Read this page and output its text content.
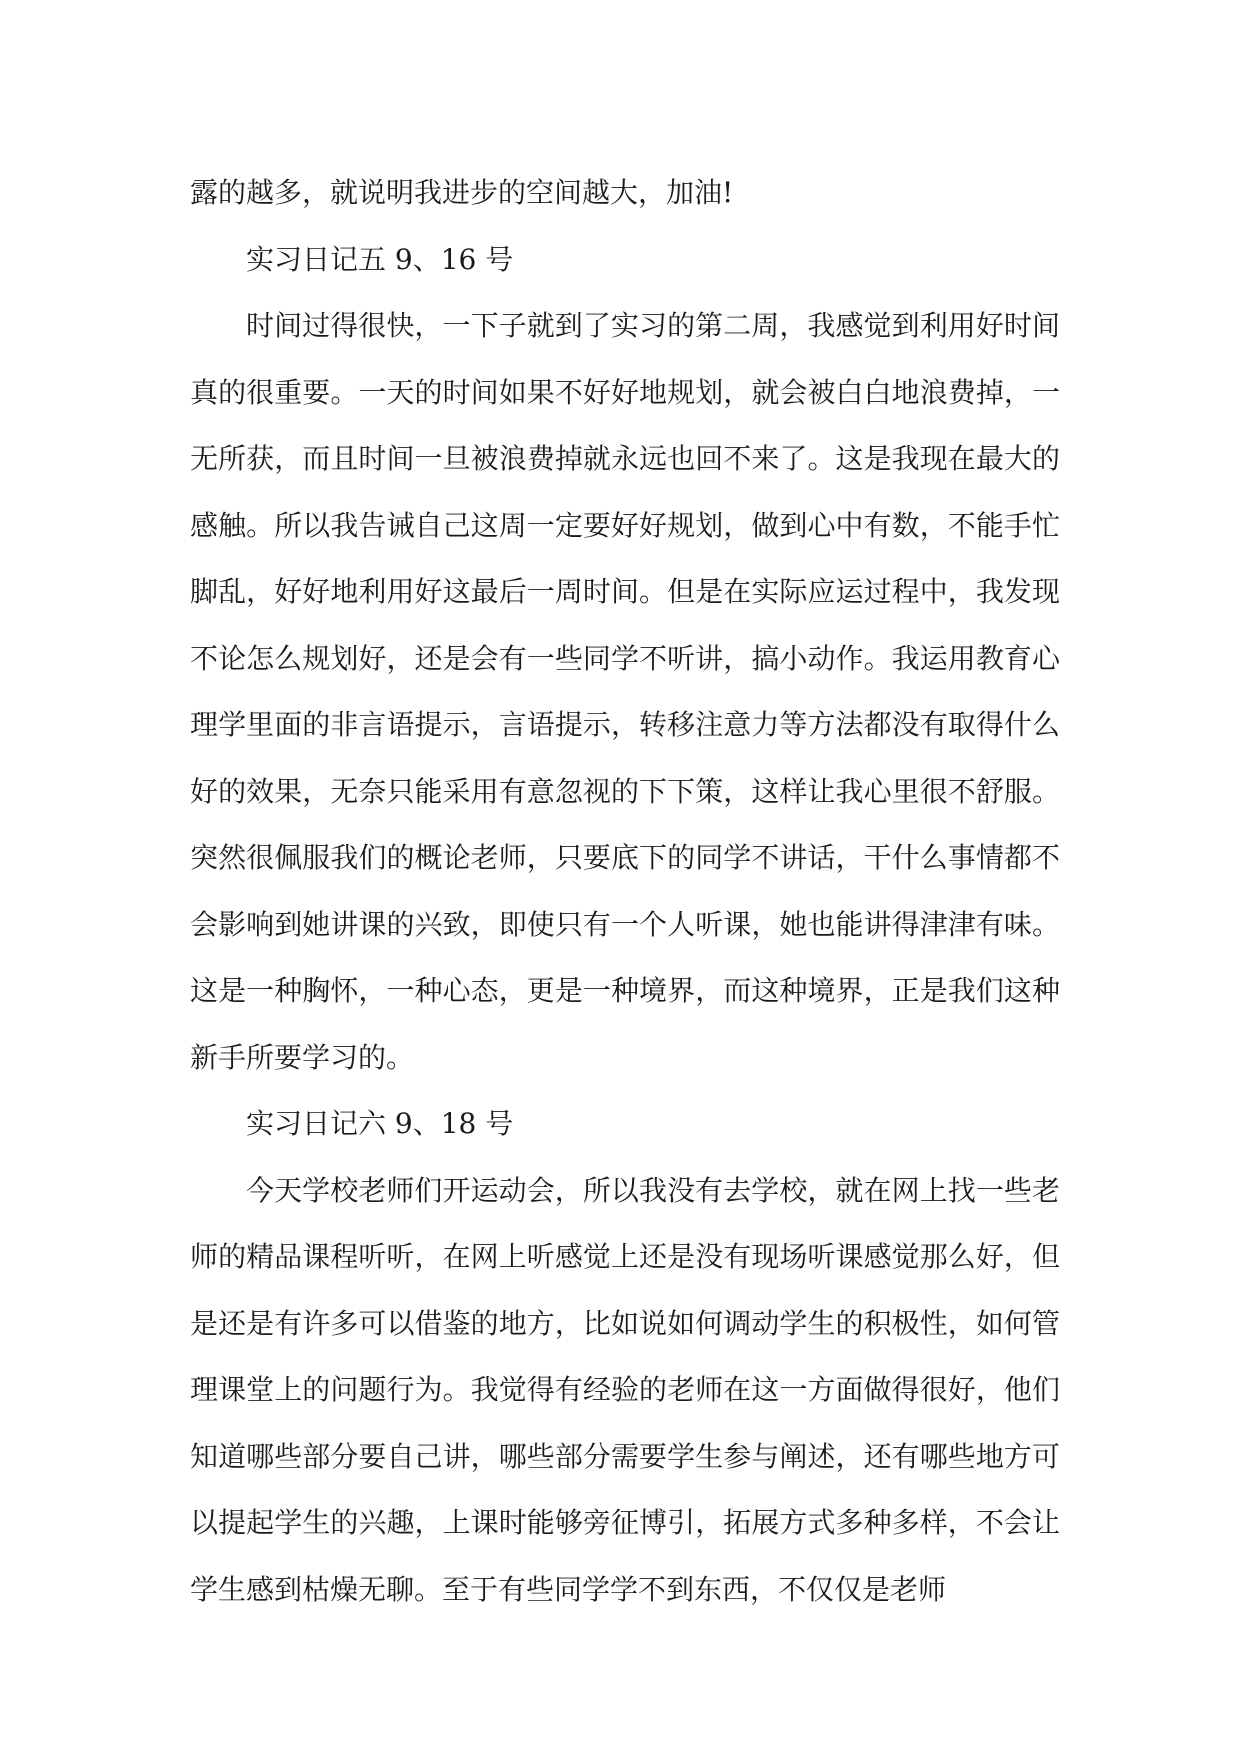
露的越多，就说明我进步的空间越大，加油!

实习日记五 9、16 号

时间过得很快，一下子就到了实习的第二周，我感觉到利用好时间真的很重要。一天的时间如果不好好地规划，就会被白白地浪费掉，一无所获，而且时间一旦被浪费掉就永远也回不来了。这是我现在最大的感触。所以我告诫自己这周一定要好好规划，做到心中有数，不能手忙脚乱，好好地利用好这最后一周时间。但是在实际应运过程中，我发现不论怎么规划好，还是会有一些同学不听讲，搞小动作。我运用教育心理学里面的非言语提示，言语提示，转移注意力等方法都没有取得什么好的效果，无奈只能采用有意忽视的下下策，这样让我心里很不舒服。突然很佩服我们的概论老师，只要底下的同学不讲话，干什么事情都不会影响到她讲课的兴致，即使只有一个人听课，她也能讲得津津有味。这是一种胸怀，一种心态，更是一种境界，而这种境界，正是我们这种新手所要学习的。

实习日记六 9、18 号

今天学校老师们开运动会，所以我没有去学校，就在网上找一些老师的精品课程听听，在网上听感觉上还是没有现场听课感觉那么好，但是还是有许多可以借鉴的地方，比如说如何调动学生的积极性，如何管理课堂上的问题行为。我觉得有经验的老师在这一方面做得很好，他们知道哪些部分要自己讲，哪些部分需要学生参与阐述，还有哪些地方可以提起学生的兴趣，上课时能够旁征博引，拓展方式多种多样，不会让学生感到枯燥无聊。至于有些同学学不到东西，不仅仅是老师
